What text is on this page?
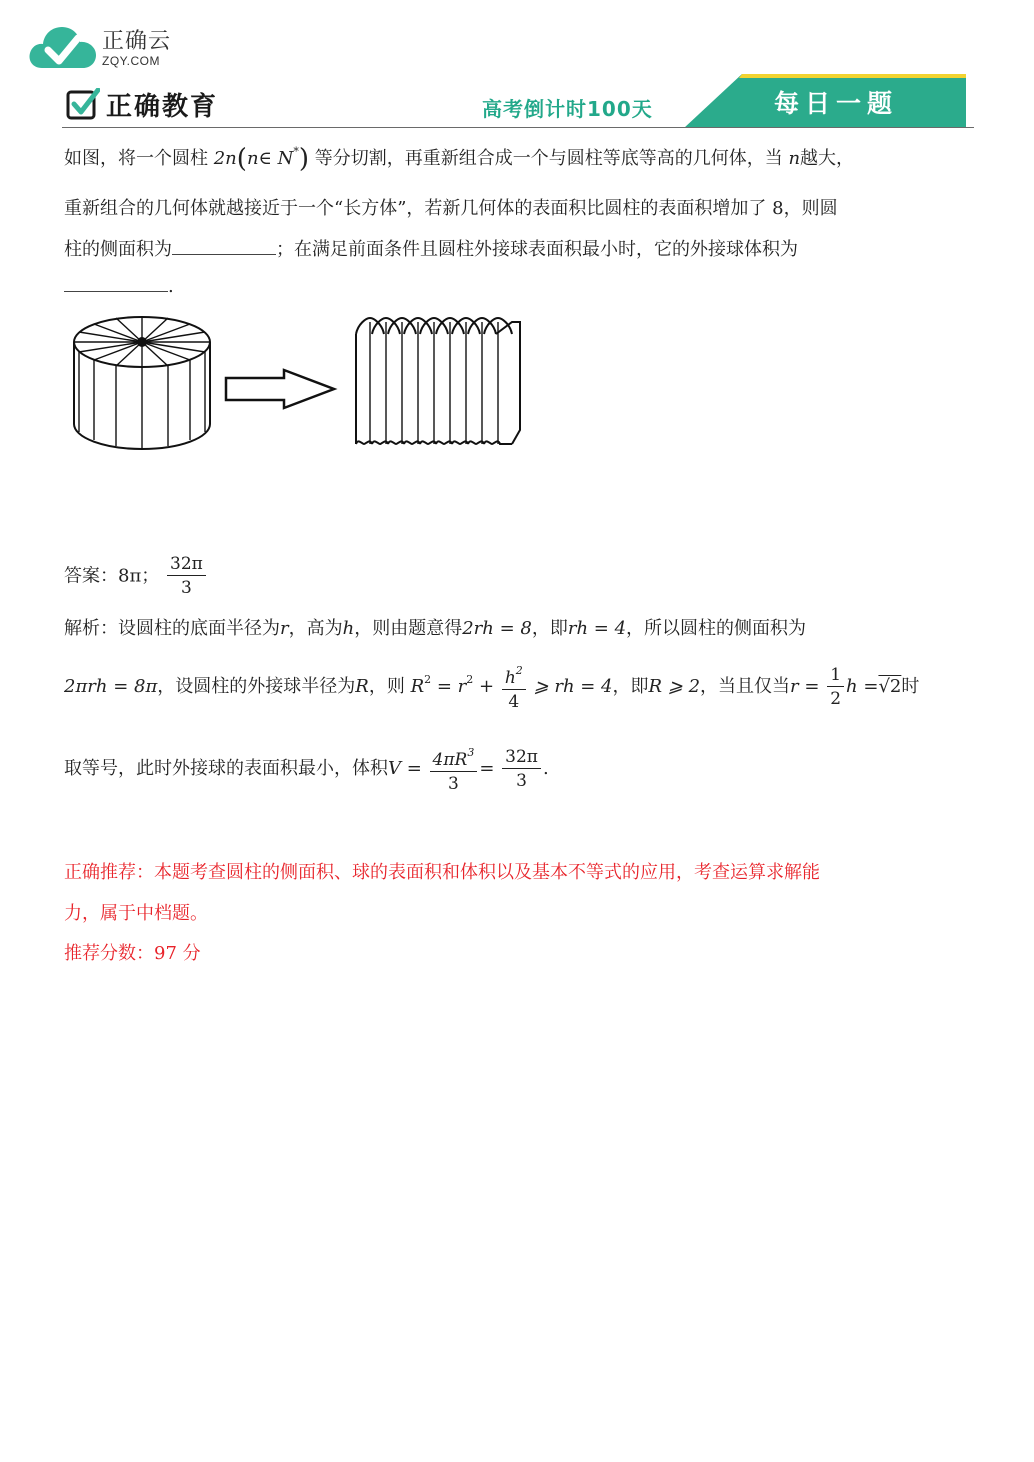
正确云
ZQY.COM
正确教育	高考倒计时100天	每日一题
如图，将一个圆柱 2n(n∈ N*) 等分切割，再重新组合成一个与圆柱等底等高的几何体，当 n越大，
重新组合的几何体就越接近于一个“长方体”，若新几何体的表面积比圆柱的表面积增加了 8，则圆
柱的侧面积为	；在满足前面条件且圆柱外接球表面积最小时，它的外接球体积为
.
答案：8π； $\frac{32\pi}{3}$
解析：设圆柱的底面半径为r，高为h，则由题意得2rh = 8，即rh = 4，所以圆柱的侧面积为
2πrh = 8π，设圆柱的外接球半径为R，则 $R^2 = r^2 + \frac{h^2}{4}$ ⩾ rh = 4，即R ⩾ 2，当且仅当$r = \frac{1}{2}$ h =√2时
取等号，此时外接球的表面积最小，体积$V = \frac{4\pi R^3}{3} = \frac{32\pi}{3}$ .
正确推荐：本题考查圆柱的侧面积、球的表面积和体积以及基本不等式的应用，考查运算求解能
力，属于中档题。
推荐分数：97 分
